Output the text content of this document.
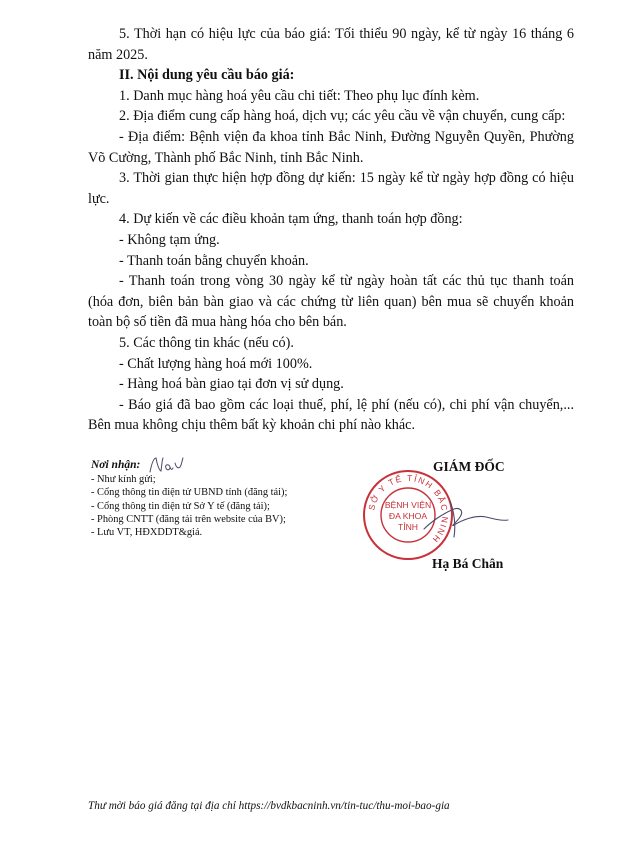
5. Thời hạn có hiệu lực của báo giá: Tối thiểu 90 ngày, kể từ ngày 16 tháng 6 năm 2025.

II. Nội dung yêu cầu báo giá:

1. Danh mục hàng hoá yêu cầu chi tiết: Theo phụ lục đính kèm.

2. Địa điểm cung cấp hàng hoá, dịch vụ; các yêu cầu về vận chuyển, cung cấp:

- Địa điểm: Bệnh viện đa khoa tỉnh Bắc Ninh, Đường Nguyễn Quyền, Phường Võ Cường, Thành phố Bắc Ninh, tỉnh Bắc Ninh.

3. Thời gian thực hiện hợp đồng dự kiến: 15 ngày kể từ ngày hợp đồng có hiệu lực.

4. Dự kiến về các điều khoản tạm ứng, thanh toán hợp đồng:

- Không tạm ứng.

- Thanh toán bằng chuyển khoản.

- Thanh toán trong vòng 30 ngày kể từ ngày hoàn tất các thủ tục thanh toán (hóa đơn, biên bản bàn giao và các chứng từ liên quan) bên mua sẽ chuyển khoản toàn bộ số tiền đã mua hàng hóa cho bên bán.

5. Các thông tin khác (nếu có).

- Chất lượng hàng hoá mới 100%.

- Hàng hoá bàn giao tại đơn vị sử dụng.

- Báo giá đã bao gồm các loại thuế, phí, lệ phí (nếu có), chi phí vận chuyển,... Bên mua không chịu thêm bất kỳ khoản chi phí nào khác.

Nơi nhận:
- Như kính gửi;
- Cổng thông tin điện tử UBND tỉnh (đăng tải);
- Cổng thông tin điện tử Sở Y tế (đăng tải);
- Phòng CNTT (đăng tải trên website của BV);
- Lưu VT, HĐXDDT&giá.
GIÁM ĐỐC
SỞ Y TẾ TỈNH BẮC NINH
BỆNH VIỆN
ĐA KHOA
TỈNH
Hạ Bá Chân
Thư mời báo giá đăng tại địa chỉ https://bvdkbacninh.vn/tin-tuc/thu-moi-bao-gia
